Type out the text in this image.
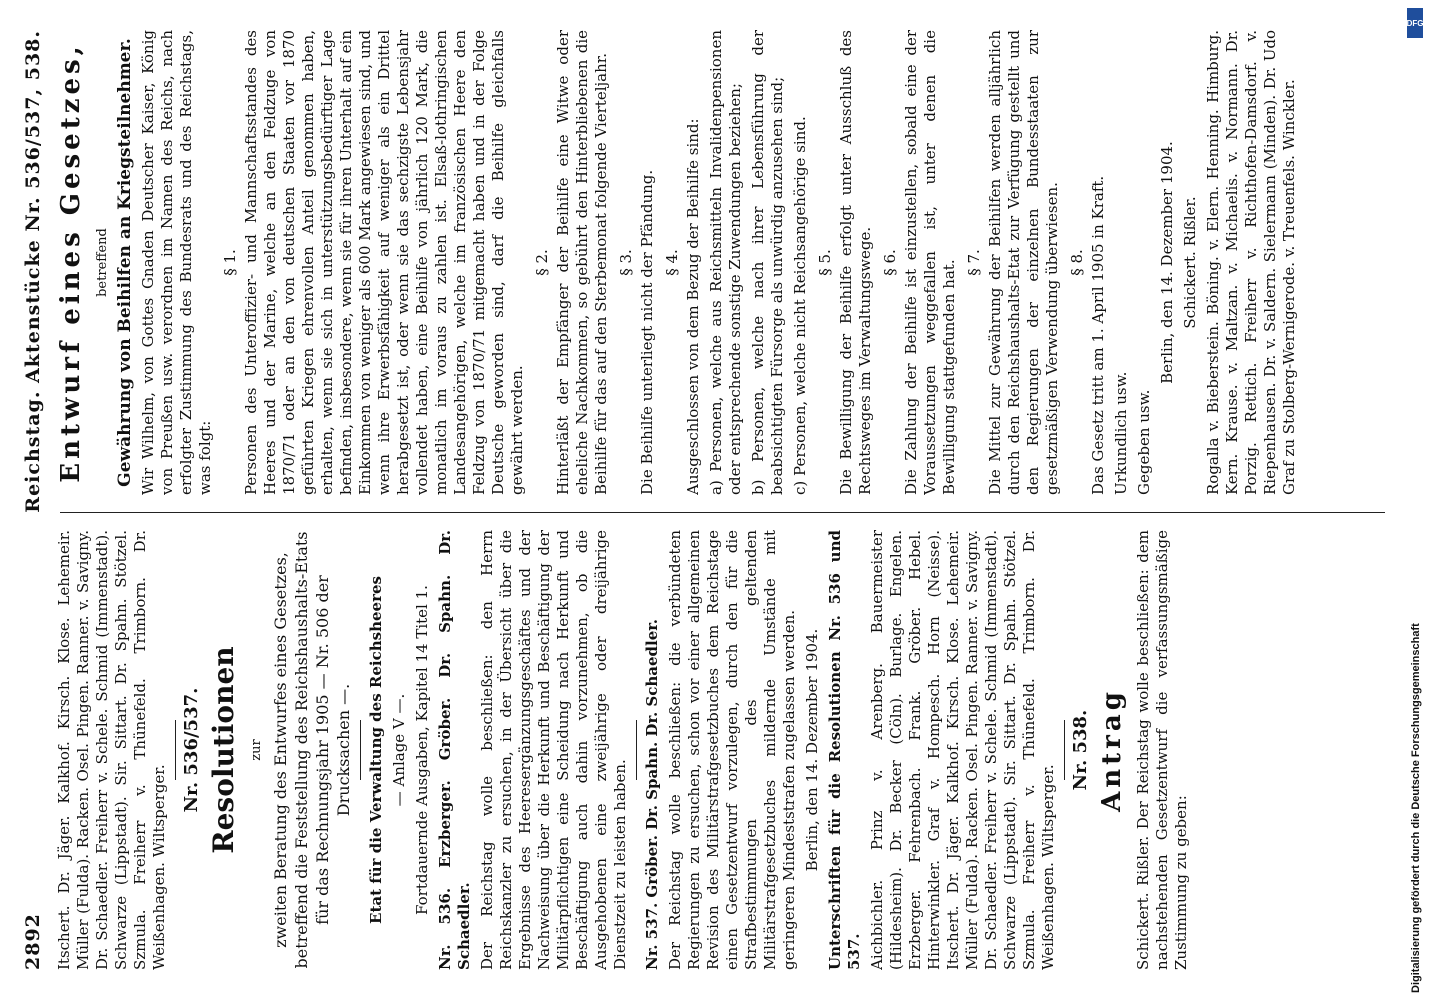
2892
Reichstag. Aktenstücke Nr. 536/537, 538.

Itschert. Dr. Jäger. Kalkhof. Kirsch. Klose. Lehemeir. Müller (Fulda). Racken. Osel. Pingen. Ranner. v. Savigny. Dr. Schaedler. Freiherr v. Schele. Schmid (Immenstadt). Schwarze (Lippstadt). Sir. Sittart. Dr. Spahn. Stötzel. Szmula. Freiherr v. Thünefeld. Trimborn. Dr. Weißenhagen. Wiltsperger.

Nr. 536/537. Resolutionen zur zweiten Beratung des Entwurfes eines Gesetzes, betreffend die Feststellung des Reichshaushalts-Etats für das Rechnungsjahr 1905 — Nr. 506 der Drucksachen —. Etat für die Verwaltung des Reichsheeres — Anlage V —. Fortdauernde Ausgaben, Kapitel 14 Titel 1. Nr. 536. Erzberger. Gröber. Dr. Spahn. Dr. Schaedler. Der Reichstag wolle beschließen: den Herrn Reichskanzler zu ersuchen, in der Übersicht über die Ergebnisse des Heeresergänzungsgeschäftes und der Nachweisung über die Herkunft und Beschäftigung der Militärpflichtigen eine Scheidung nach Herkunft und Beschäftigung auch dahin vorzunehmen, ob die Ausgehobenen eine zweijährige oder dreijährige Dienstzeit zu leisten haben. Nr. 537. Gröber. Dr. Spahn. Dr. Schaedler. Der Reichstag wolle beschließen: die verbündeten Regierungen zu ersuchen, schon vor einer allgemeinen Revision des Militärstrafgesetzbuches dem Reichstage einen Gesetzentwurf vorzulegen, durch den für die Strafbestimmungen des geltenden Militärstrafgesetzbuches mildernde Umstände mit geringeren Mindeststrafen zugelassen werden. Berlin, den 14. Dezember 1904. Unterschriften für die Resolutionen Nr. 536 und 537. Aichbichler. Prinz v. Arenberg. Bauermeister (Hildesheim). Dr. Becker (Cöln). Burlage. Engelen. Erzberger. Fehrenbach. Frank. Gröber. Hebel. Hinterwinkler. Graf v. Hompesch. Horn (Neisse). Itschert. Dr. Jäger. Kalkhof. Kirsch. Klose. Lehemeir. Müller (Fulda). Racken. Osel. Pingen. Ranner. v. Savigny. Dr. Schaedler. Freiherr v. Schele. Schmid (Immenstadt). Schwarze (Lippstadt). Sir. Sittart. Dr. Spahn. Stötzel. Szmula. Freiherr v. Thünefeld. Trimborn. Dr. Weißenhagen. Wiltsperger.

Nr. 538. Antrag Schickert. Rißler. Der Reichstag wolle beschließen: dem nachstehenden Gesetzentwurf die verfassungsmäßige Zustimmung zu geben:

Entwurf eines Gesetzes, betreffend Gewährung von Beihilfen an Kriegsteilnehmer. Wir Wilhelm, von Gottes Gnaden Deutscher Kaiser, König von Preußen usw. verordnen im Namen des Reichs, nach erfolgter Zustimmung des Bundesrats und des Reichstags, was folgt:

§ 1. Personen des Unteroffizier- und Mannschaftsstandes des Heeres und der Marine, welche an den Feldzuge von 1870/71 oder an den von deutschen Staaten vor 1870 geführten Kriegen ehrenvollen Anteil genommen haben, erhalten, wenn sie sich in unterstützungsbedürftiger Lage befinden, insbesondere, wenn sie für ihren Unterhalt auf ein Einkommen von weniger als 600 Mark angewiesen sind, und wenn ihre Erwerbsfähigkeit auf weniger als ein Drittel herabgesetzt ist, oder wenn sie das sechzigste Lebensjahr vollendet haben, eine Beihilfe von jährlich 120 Mark, die monatlich im voraus zu zahlen ist. Elsaß-lothringischen Landesangehörigen, welche im französischen Heere den Feldzug von 1870/71 mitgemacht haben und in der Folge Deutsche geworden sind, darf die Beihilfe gleichfalls gewährt werden.

§ 2. Hinterläßt der Empfänger der Beihilfe eine Witwe oder eheliche Nachkommen, so gebührt den Hinterbliebenen die Beihilfe für das auf den Sterbemonat folgende Vierteljahr. § 3. Die Beihilfe unterliegt nicht der Pfändung. § 4. Ausgeschlossen von dem Bezug der Beihilfe sind: a) Personen, welche aus Reichsmitteln Invalidenpensionen oder entsprechende sonstige Zuwendungen beziehen; b) Personen, welche nach ihrer Lebensführung der beabsichtigten Fürsorge als unwürdig anzusehen sind; c) Personen, welche nicht Reichsangehörige sind. § 5. Die Bewilligung der Beihilfe erfolgt unter Ausschluß des Rechtsweges im Verwaltungswege. § 6. Die Zahlung der Beihilfe ist einzustellen, sobald eine der Voraussetzungen weggefallen ist, unter denen die Bewilligung stattgefunden hat. § 7. Die Mittel zur Gewährung der Beihilfen werden alljährlich durch den Reichshaushalts-Etat zur Verfügung gestellt und den Regierungen der einzelnen Bundesstaaten zur gesetzmäßigen Verwendung überwiesen. § 8. Das Gesetz tritt am 1. April 1905 in Kraft. Urkundlich usw. Gegeben usw.

Berlin, den 14. Dezember 1904. Schickert. Rißler. Rogalla v. Bieberstein. Böning. v. Elern. Henning. Himburg. Kern. Krause. v. Maltzan. v. Michaelis. v. Normann. Dr. Porzig. Rettich. Freiherr v. Richthofen-Damsdorf. v. Riepenhausen. Dr. v. Saldern. Sielermann (Minden). Dr. Udo Graf zu Stolberg-Wernigerode. v. Treuenfels. Winckler.

DFG
Digitalisierung gefördert durch die Deutsche Forschungsgemeinschaft
